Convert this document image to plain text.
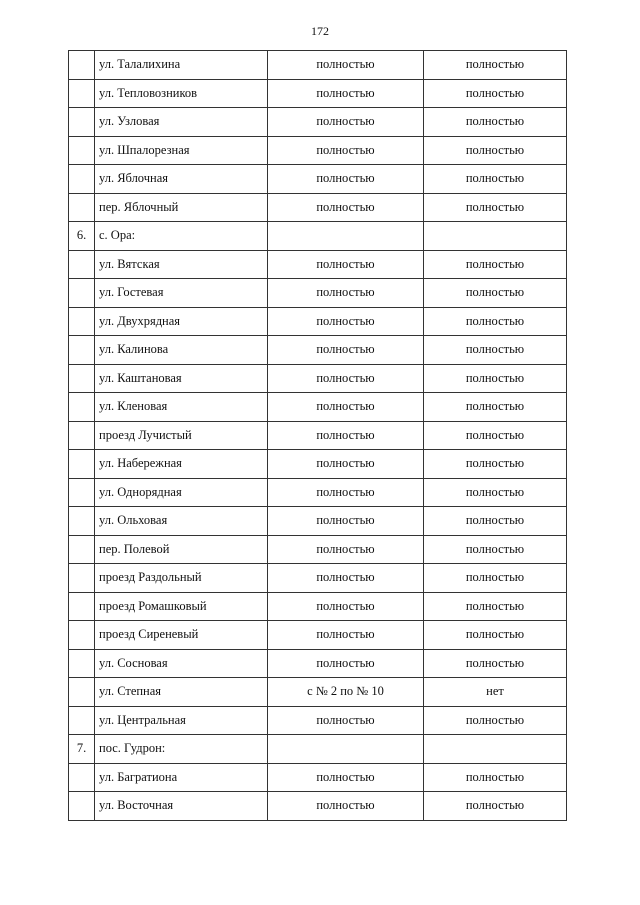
172
	ул. Талалихина	полностью	полностью
	ул. Тепловозников	полностью	полностью
	ул. Узловая	полностью	полностью
	ул. Шпалорезная	полностью	полностью
	ул. Яблочная	полностью	полностью
	пер. Яблочный	полностью	полностью
6.	с. Ора:		
	ул. Вятская	полностью	полностью
	ул. Гостевая	полностью	полностью
	ул. Двухрядная	полностью	полностью
	ул. Калинова	полностью	полностью
	ул. Каштановая	полностью	полностью
	ул. Кленовая	полностью	полностью
	проезд Лучистый	полностью	полностью
	ул. Набережная	полностью	полностью
	ул. Однорядная	полностью	полностью
	ул. Ольховая	полностью	полностью
	пер. Полевой	полностью	полностью
	проезд Раздольный	полностью	полностью
	проезд Ромашковый	полностью	полностью
	проезд Сиреневый	полностью	полностью
	ул. Сосновая	полностью	полностью
	ул. Степная	с № 2 по № 10	нет
	ул. Центральная	полностью	полностью
7.	пос. Гудрон:		
	ул. Багратиона	полностью	полностью
	ул. Восточная	полностью	полностью
